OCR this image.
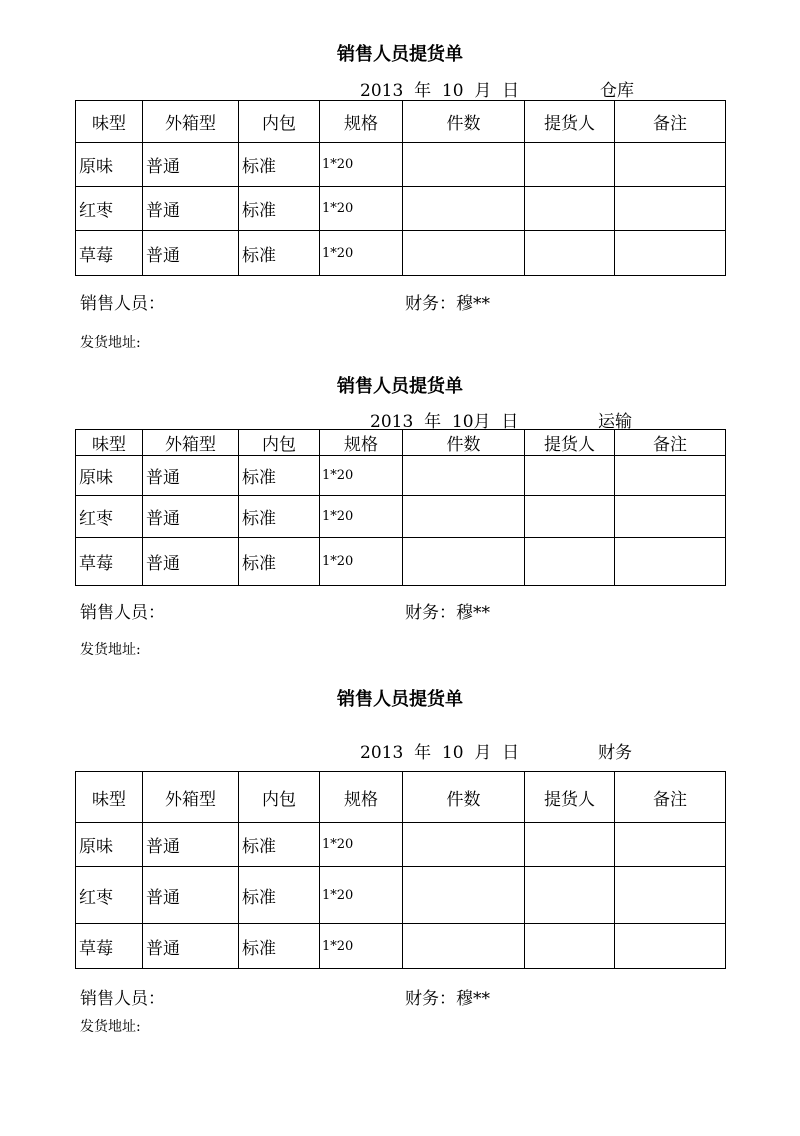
销售人员提货单
2013 年 10 月 日	仓库
味型	外箱型	内包	规格	件数	提货人	备注
原味	普通	标准	1*20			
红枣	普通	标准	1*20			
草莓	普通	标准	1*20			
销售人员：	财务：穆**
发货地址:
销售人员提货单
2013 年 10月 日	运输
味型	外箱型	内包	规格	件数	提货人	备注
原味	普通	标准	1*20			
红枣	普通	标准	1*20			
草莓	普通	标准	1*20			
销售人员：	财务：穆**
发货地址:
销售人员提货单
2013 年 10 月 日	财务
味型	外箱型	内包	规格	件数	提货人	备注
原味	普通	标准	1*20			
红枣	普通	标准	1*20			
草莓	普通	标准	1*20			
销售人员：	财务：穆**
发货地址:
